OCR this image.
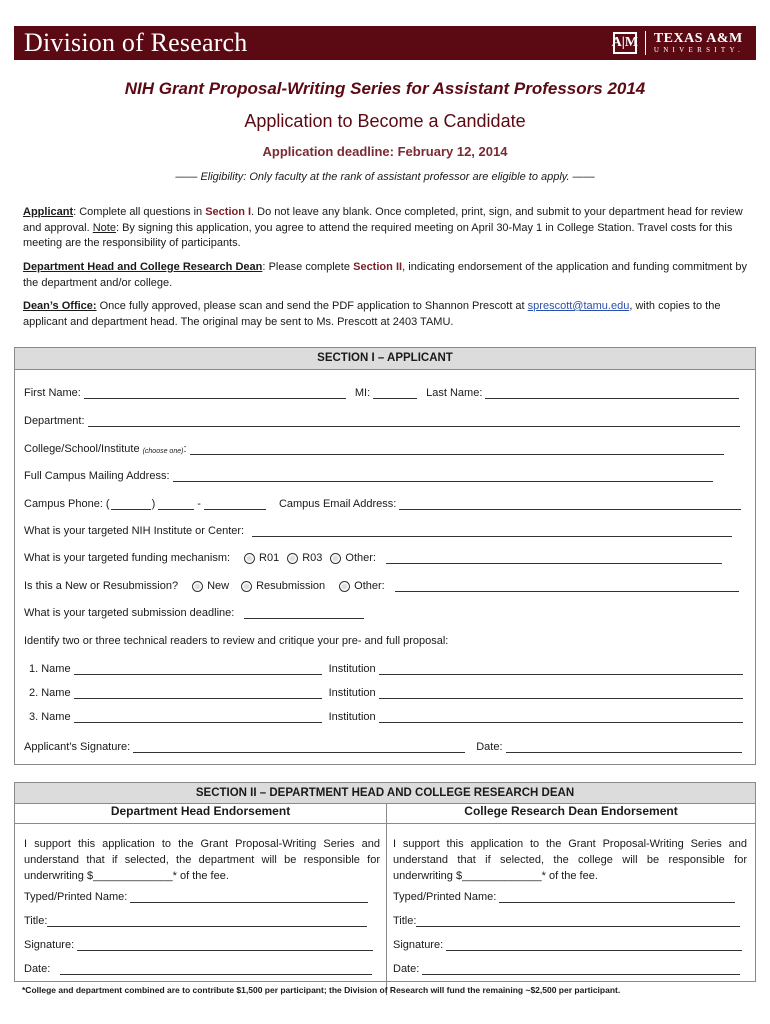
Division of Research	A|M TEXAS A&M
UNIVERSITY.
NIH Grant Proposal-Writing Series for Assistant Professors 2014
Application to Become a Candidate
Application deadline: February 12, 2014
—— Eligibility: Only faculty at the rank of assistant professor are eligible to apply. ——
Applicant: Complete all questions in Section I. Do not leave any blank. Once completed, print, sign, and submit to your department head for review and approval. Note: By signing this application, you agree to attend the required meeting on April 30-May 1 in College Station. Travel costs for this meeting are the responsibility of participants.
Department Head and College Research Dean: Please complete Section II, indicating endorsement of the application and funding commitment by the department and/or college.
Dean’s Office: Once fully approved, please scan and send the PDF application to Shannon Prescott at sprescott@tamu.edu, with copies to the applicant and department head. The original may be sent to Ms. Prescott at 2403 TAMU.
SECTION I – APPLICANT
First Name:	MI:	Last Name:
Department:
College/School/Institute (choose one) :
Full Campus Mailing Address:
Campus Phone: (	)	-	Campus Email Address:
What is your targeted NIH Institute or Center:
What is your targeted funding mechanism:	R01 R03 Other:
Is this a New or Resubmission?	New Resubmission	Other:
What is your targeted submission deadline:
Identify two or three technical readers to review and critique your pre- and full proposal:
1. Name	Institution
2. Name	Institution
3. Name	Institution
Applicant’s Signature:	Date:
SECTION II – DEPARTMENT HEAD AND COLLEGE RESEARCH DEAN
Department Head Endorsement	College Research Dean Endorsement
I support this application to the Grant Proposal-Writing Series and understand that if selected, the department will be responsible for underwriting $_____________* of the fee.
I support this application to the Grant Proposal-Writing Series and understand that if selected, the college will be responsible for underwriting $_____________* of the fee.
Typed/Printed Name:
Title:
Signature:
Date:
Typed/Printed Name:
Title:
Signature:
Date:
*College and department combined are to contribute $1,500 per participant; the Division of Research will fund the remaining ~$2,500 per participant.
